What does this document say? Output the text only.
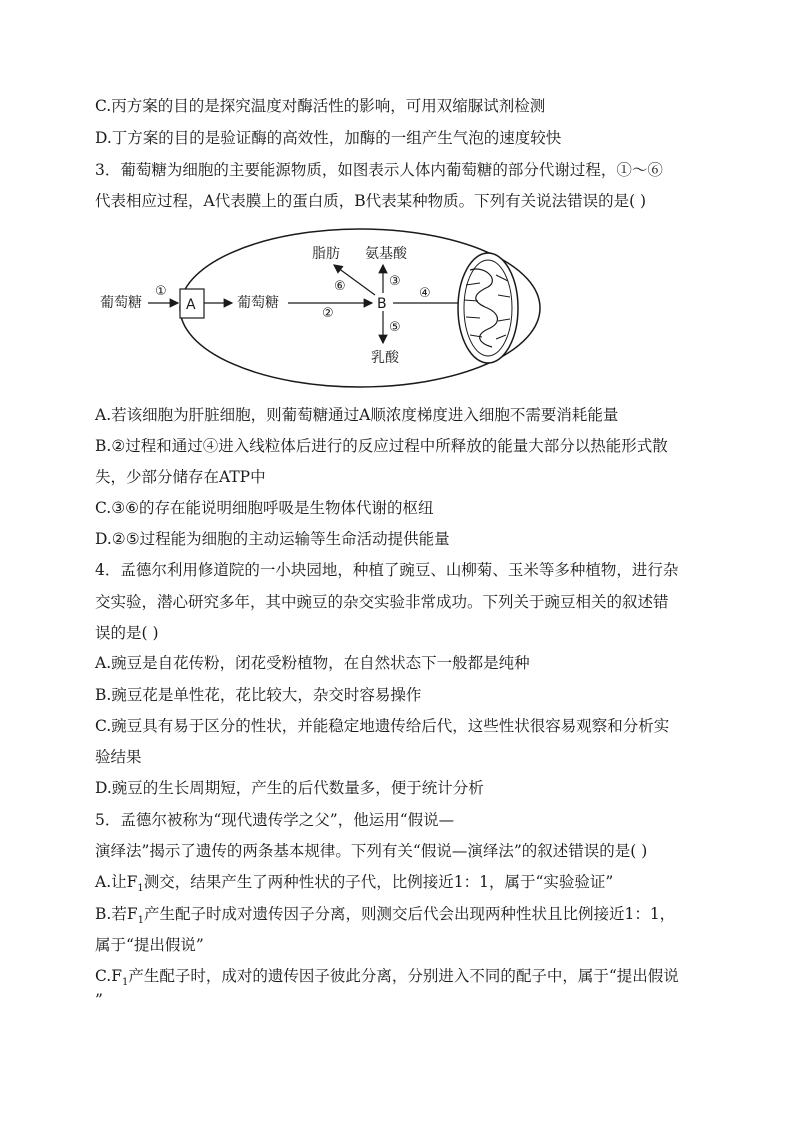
C.丙方案的目的是探究温度对酶活性的影响，可用双缩脲试剂检测
D.丁方案的目的是验证酶的高效性，加酶的一组产生气泡的速度较快
3．葡萄糖为细胞的主要能源物质，如图表示人体内葡萄糖的部分代谢过程，①～⑥
代表相应过程，A代表膜上的蛋白质，B代表某种物质。下列有关说法错误的是( )
葡萄糖
①
A	葡萄糖
②
B
脂肪
⑥
氨基酸
③
⑤
乳酸
④
A.若该细胞为肝脏细胞，则葡萄糖通过A顺浓度梯度进入细胞不需要消耗能量
B.②过程和通过④进入线粒体后进行的反应过程中所释放的能量大部分以热能形式散
失，少部分储存在ATP中
C.③⑥的存在能说明细胞呼吸是生物体代谢的枢纽
D.②⑤过程能为细胞的主动运输等生命活动提供能量
4．孟德尔利用修道院的一小块园地，种植了豌豆、山柳菊、玉米等多种植物，进行杂
交实验，潜心研究多年，其中豌豆的杂交实验非常成功。下列关于豌豆相关的叙述错
误的是( )
A.豌豆是自花传粉，闭花受粉植物，在自然状态下一般都是纯种
B.豌豆花是单性花，花比较大，杂交时容易操作
C.豌豆具有易于区分的性状，并能稳定地遗传给后代，这些性状很容易观察和分析实
验结果
D.豌豆的生长周期短，产生的后代数量多，便于统计分析
5．孟德尔被称为“现代遗传学之父”，他运用“假说—
演绎法”揭示了遗传的两条基本规律。下列有关“假说—演绎法”的叙述错误的是( )
A.让$F_1$测交，结果产生了两种性状的子代，比例接近1：1，属于“实验验证”
B.若$F_1$产生配子时成对遗传因子分离，则测交后代会出现两种性状且比例接近1：1，
属于“提出假说”
$C.F_1$产生配子时，成对的遗传因子彼此分离，分别进入不同的配子中，属于“提出假说
”
